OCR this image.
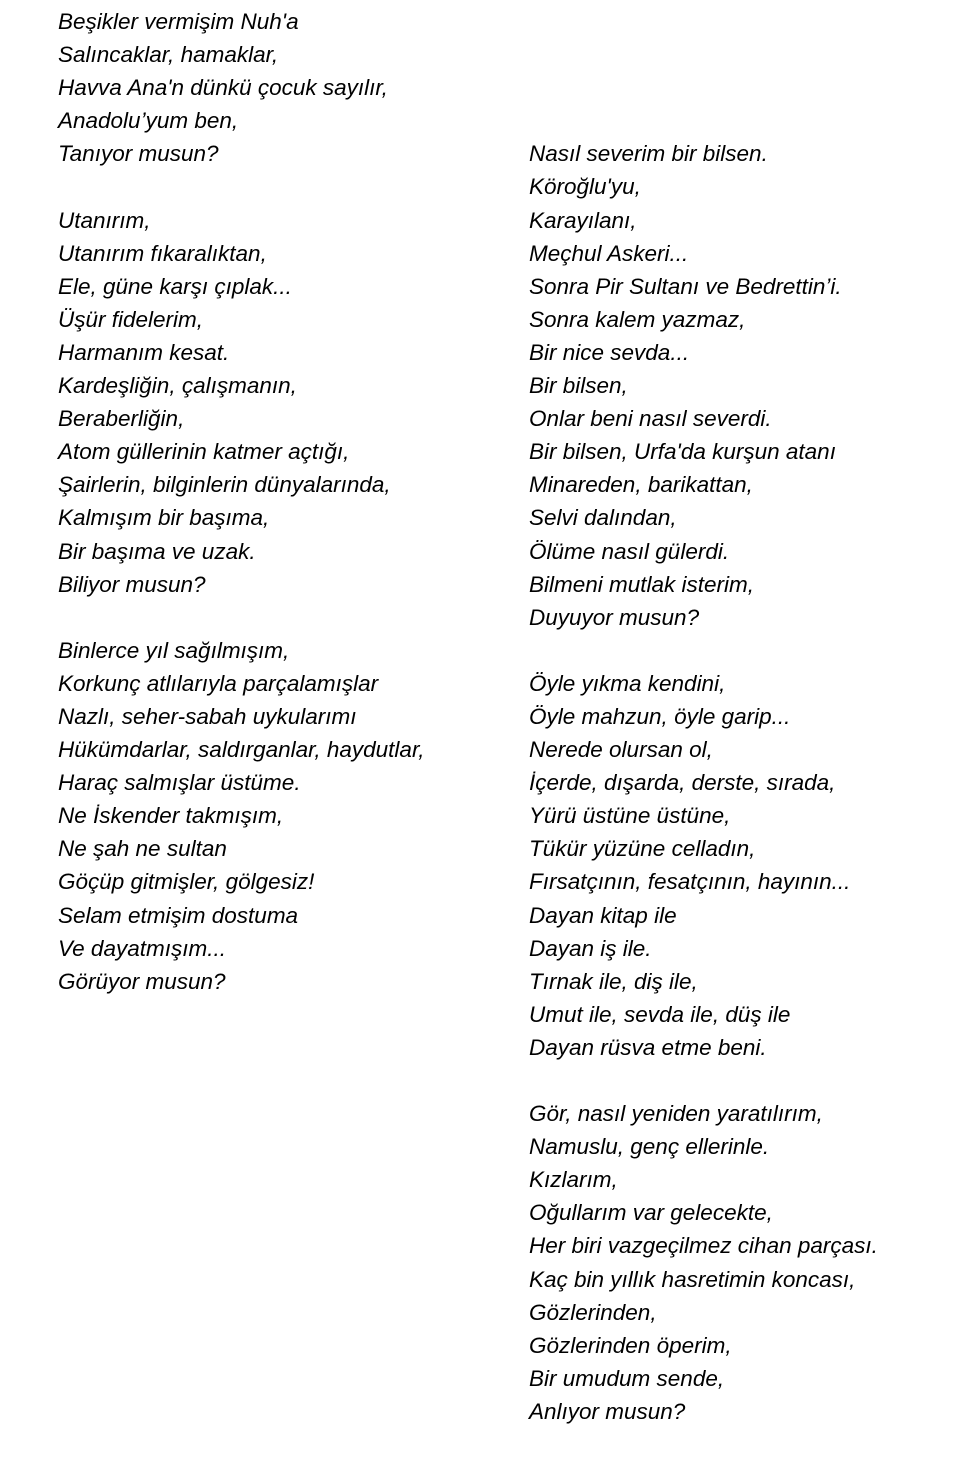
Beşikler vermişim Nuh'a
Salıncaklar, hamaklar,
Havva Ana'n dünkü çocuk sayılır,
Anadolu’yum ben,
Tanıyor musun?
Utanırım,
Utanırım fıkaralıktan,
Ele, güne karşı çıplak...
Üşür fidelerim,
Harmanım kesat.
Kardeşliğin, çalışmanın,
Beraberliğin,
Atom güllerinin katmer açtığı,
Şairlerin, bilginlerin dünyalarında,
Kalmışım bir başıma,
Bir başıma ve uzak.
Biliyor musun?
Binlerce yıl sağılmışım,
Korkunç atlılarıyla parçalamışlar
Nazlı, seher-sabah uykularımı
Hükümdarlar, saldırganlar, haydutlar,
Haraç salmışlar üstüme.
Ne İskender takmışım,
Ne şah ne sultan
Göçüp gitmişler, gölgesiz!
Selam etmişim dostuma
Ve dayatmışım...
Görüyor musun?
Nasıl severim bir bilsen.
Köroğlu'yu,
Karayılanı,
Meçhul Askeri...
Sonra Pir Sultanı ve Bedrettin’i.
Sonra kalem yazmaz,
Bir nice sevda...
Bir bilsen,
Onlar beni nasıl severdi.
Bir bilsen, Urfa'da kurşun atanı
Minareden, barikattan,
Selvi dalından,
Ölüme nasıl gülerdi.
Bilmeni mutlak isterim,
Duyuyor musun?
Öyle yıkma kendini,
Öyle mahzun, öyle garip...
Nerede olursan ol,
İçerde, dışarda, derste, sırada,
Yürü üstüne üstüne,
Tükür yüzüne celladın,
Fırsatçının, fesatçının, hayının...
Dayan kitap ile
Dayan iş ile.
Tırnak ile, diş ile,
Umut ile, sevda ile, düş ile
Dayan rüsva etme beni.
Gör, nasıl yeniden yaratılırım,
Namuslu, genç ellerinle.
Kızlarım,
Oğullarım var gelecekte,
Her biri vazgeçilmez cihan parçası.
Kaç bin yıllık hasretimin koncası,
Gözlerinden,
Gözlerinden öperim,
Bir umudum sende,
Anlıyor musun?
